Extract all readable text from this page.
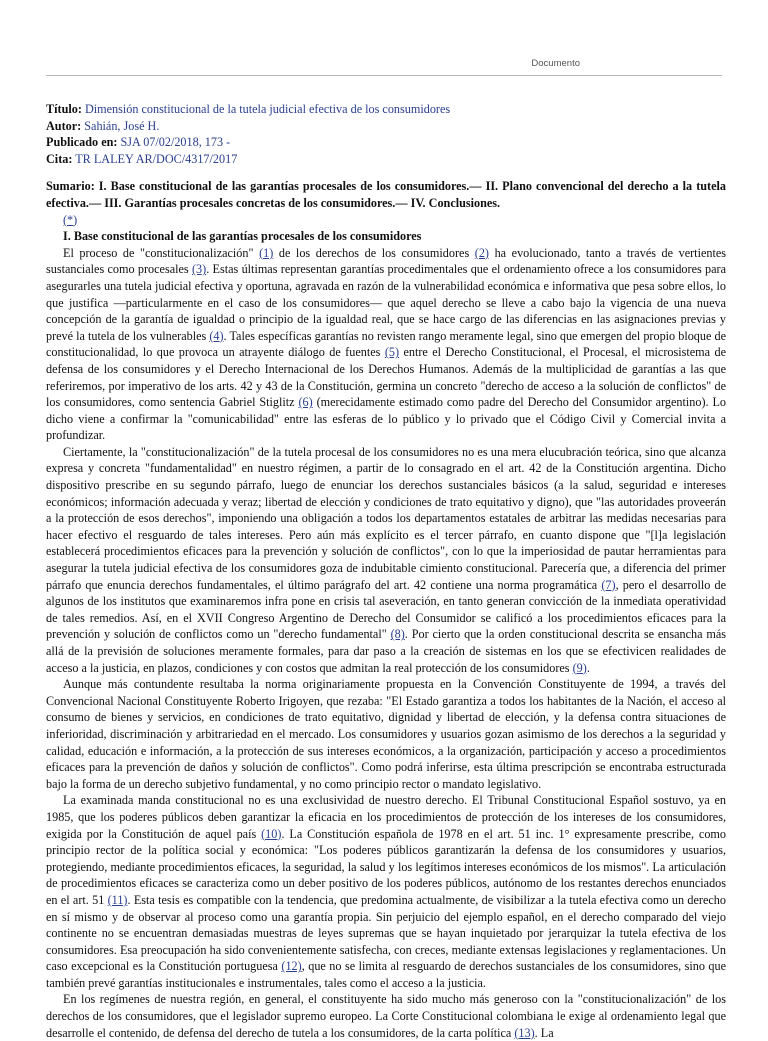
Documento
Título: Dimensión constitucional de la tutela judicial efectiva de los consumidores
Autor: Sahián, José H.
Publicado en: SJA 07/02/2018, 173 -
Cita: TR LALEY AR/DOC/4317/2017
Sumario: I. Base constitucional de las garantías procesales de los consumidores.— II. Plano convencional del derecho a la tutela efectiva.— III. Garantías procesales concretas de los consumidores.— IV. Conclusiones.
(*)
I. Base constitucional de las garantías procesales de los consumidores

El proceso de "constitucionalización" (1) de los derechos de los consumidores (2) ha evolucionado, tanto a través de vertientes sustanciales como procesales (3). Estas últimas representan garantías procedimentales que el ordenamiento ofrece a los consumidores para asegurarles una tutela judicial efectiva y oportuna, agravada en razón de la vulnerabilidad económica e informativa que pesa sobre ellos, lo que justifica —particularmente en el caso de los consumidores— que aquel derecho se lleve a cabo bajo la vigencia de una nueva concepción de la garantía de igualdad o principio de la igualdad real, que se hace cargo de las diferencias en las asignaciones previas y prevé la tutela de los vulnerables (4). Tales específicas garantías no revisten rango meramente legal, sino que emergen del propio bloque de constitucionalidad, lo que provoca un atrayente diálogo de fuentes (5) entre el Derecho Constitucional, el Procesal, el microsistema de defensa de los consumidores y el Derecho Internacional de los Derechos Humanos. Además de la multiplicidad de garantías a las que referiremos, por imperativo de los arts. 42 y 43 de la Constitución, germina un concreto "derecho de acceso a la solución de conflictos" de los consumidores, como sentencia Gabriel Stiglitz (6) (merecidamente estimado como padre del Derecho del Consumidor argentino). Lo dicho viene a confirmar la "comunicabilidad" entre las esferas de lo público y lo privado que el Código Civil y Comercial invita a profundizar.

Ciertamente, la "constitucionalización" de la tutela procesal de los consumidores no es una mera elucubración teórica, sino que alcanza expresa y concreta "fundamentalidad" en nuestro régimen, a partir de lo consagrado en el art. 42 de la Constitución argentina. Dicho dispositivo prescribe en su segundo párrafo, luego de enunciar los derechos sustanciales básicos (a la salud, seguridad e intereses económicos; información adecuada y veraz; libertad de elección y condiciones de trato equitativo y digno), que "las autoridades proveerán a la protección de esos derechos", imponiendo una obligación a todos los departamentos estatales de arbitrar las medidas necesarias para hacer efectivo el resguardo de tales intereses. Pero aún más explícito es el tercer párrafo, en cuanto dispone que "[l]a legislación establecerá procedimientos eficaces para la prevención y solución de conflictos", con lo que la imperiosidad de pautar herramientas para asegurar la tutela judicial efectiva de los consumidores goza de indubitable cimiento constitucional. Parecería que, a diferencia del primer párrafo que enuncia derechos fundamentales, el último parágrafo del art. 42 contiene una norma programática (7), pero el desarrollo de algunos de los institutos que examinaremos infra pone en crisis tal aseveración, en tanto generan convicción de la inmediata operatividad de tales remedios. Así, en el XVII Congreso Argentino de Derecho del Consumidor se calificó a los procedimientos eficaces para la prevención y solución de conflictos como un "derecho fundamental" (8). Por cierto que la orden constitucional descrita se ensancha más allá de la previsión de soluciones meramente formales, para dar paso a la creación de sistemas en los que se efectivicen realidades de acceso a la justicia, en plazos, condiciones y con costos que admitan la real protección de los consumidores (9).

Aunque más contundente resultaba la norma originariamente propuesta en la Convención Constituyente de 1994, a través del Convencional Nacional Constituyente Roberto Irigoyen, que rezaba: "El Estado garantiza a todos los habitantes de la Nación, el acceso al consumo de bienes y servicios, en condiciones de trato equitativo, dignidad y libertad de elección, y la defensa contra situaciones de inferioridad, discriminación y arbitrariedad en el mercado. Los consumidores y usuarios gozan asimismo de los derechos a la seguridad y calidad, educación e información, a la protección de sus intereses económicos, a la organización, participación y acceso a procedimientos eficaces para la prevención de daños y solución de conflictos". Como podrá inferirse, esta última prescripción se encontraba estructurada bajo la forma de un derecho subjetivo fundamental, y no como principio rector o mandato legislativo.

La examinada manda constitucional no es una exclusividad de nuestro derecho. El Tribunal Constitucional Español sostuvo, ya en 1985, que los poderes públicos deben garantizar la eficacia en los procedimientos de protección de los intereses de los consumidores, exigida por la Constitución de aquel país (10). La Constitución española de 1978 en el art. 51 inc. 1° expresamente prescribe, como principio rector de la política social y económica: "Los poderes públicos garantizarán la defensa de los consumidores y usuarios, protegiendo, mediante procedimientos eficaces, la seguridad, la salud y los legítimos intereses económicos de los mismos". La articulación de procedimientos eficaces se caracteriza como un deber positivo de los poderes públicos, autónomo de los restantes derechos enunciados en el art. 51 (11). Esta tesis es compatible con la tendencia, que predomina actualmente, de visibilizar a la tutela efectiva como un derecho en sí mismo y de observar al proceso como una garantía propia. Sin perjuicio del ejemplo español, en el derecho comparado del viejo continente no se encuentran demasiadas muestras de leyes supremas que se hayan inquietado por jerarquizar la tutela efectiva de los consumidores. Esa preocupación ha sido convenientemente satisfecha, con creces, mediante extensas legislaciones y reglamentaciones. Un caso excepcional es la Constitución portuguesa (12), que no se limita al resguardo de derechos sustanciales de los consumidores, sino que también prevé garantías institucionales e instrumentales, tales como el acceso a la justicia.

En los regímenes de nuestra región, en general, el constituyente ha sido mucho más generoso con la "constitucionalización" de los derechos de los consumidores, que el legislador supremo europeo. La Corte Constitucional colombiana le exige al ordenamiento legal que desarrolle el contenido, de defensa del derecho de tutela a los consumidores, de la carta política (13). La
